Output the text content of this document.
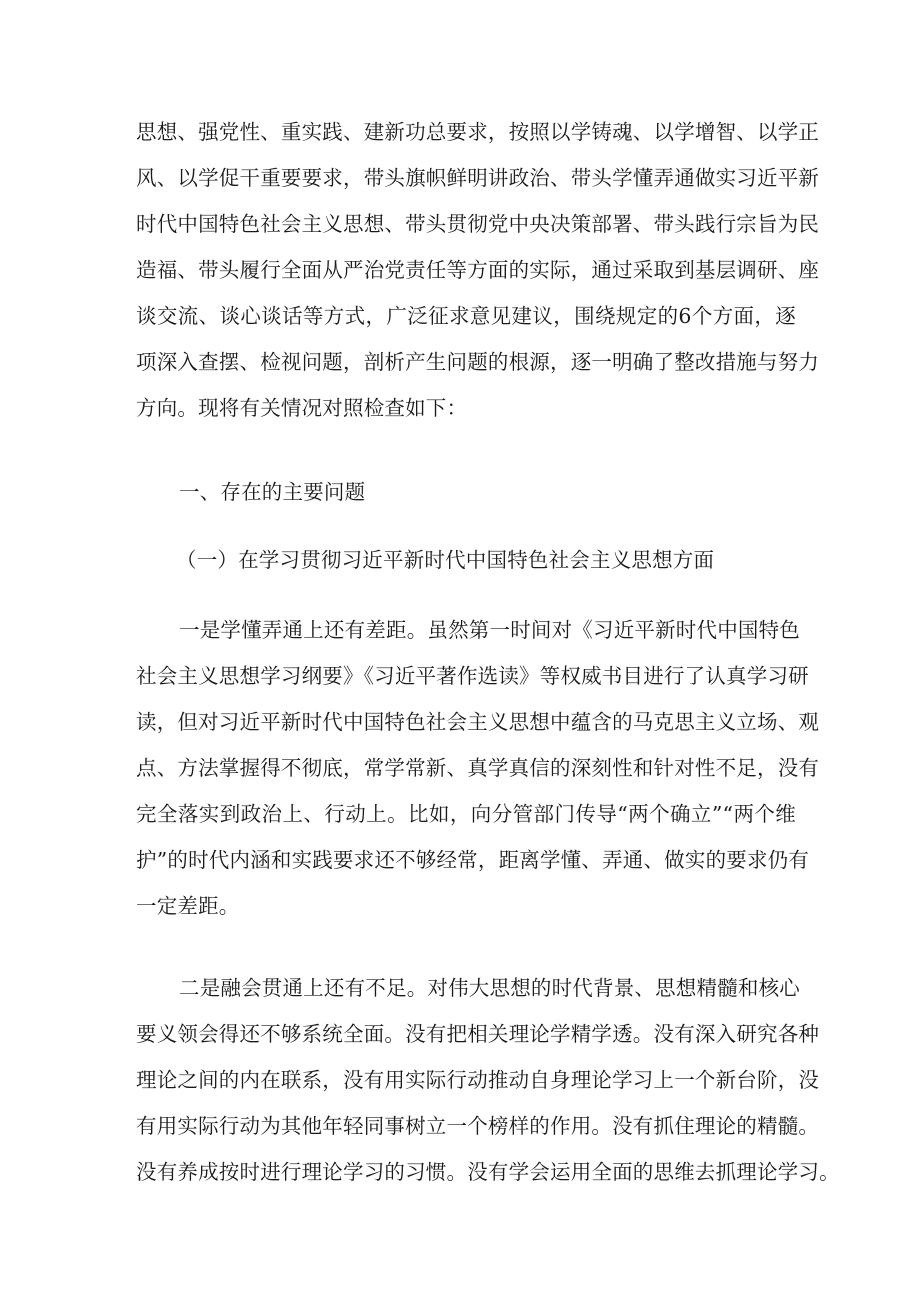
思想、强党性、重实践、建新功总要求，按照以学铸魂、以学增智、以学正
风、以学促干重要要求，带头旗帜鲜明讲政治、带头学懂弄通做实习近平新
时代中国特色社会主义思想、带头贯彻党中央决策部署、带头践行宗旨为民
造福、带头履行全面从严治党责任等方面的实际，通过采取到基层调研、座
谈交流、谈心谈话等方式，广泛征求意见建议，围绕规定的6个方面，逐
项深入查摆、检视问题，剖析产生问题的根源，逐一明确了整改措施与努力
方向。现将有关情况对照检查如下：
一、存在的主要问题
（一）在学习贯彻习近平新时代中国特色社会主义思想方面
一是学懂弄通上还有差距。虽然第一时间对《习近平新时代中国特色
社会主义思想学习纲要》《习近平著作选读》等权威书目进行了认真学习研
读，但对习近平新时代中国特色社会主义思想中蕴含的马克思主义立场、观
点、方法掌握得不彻底，常学常新、真学真信的深刻性和针对性不足，没有
完全落实到政治上、行动上。比如，向分管部门传导“两个确立”“两个维
护”的时代内涵和实践要求还不够经常，距离学懂、弄通、做实的要求仍有
一定差距。
二是融会贯通上还有不足。对伟大思想的时代背景、思想精髓和核心
要义领会得还不够系统全面。没有把相关理论学精学透。没有深入研究各种
理论之间的内在联系，没有用实际行动推动自身理论学习上一个新台阶，没
有用实际行动为其他年轻同事树立一个榜样的作用。没有抓住理论的精髓。
没有养成按时进行理论学习的习惯。没有学会运用全面的思维去抓理论学习。
